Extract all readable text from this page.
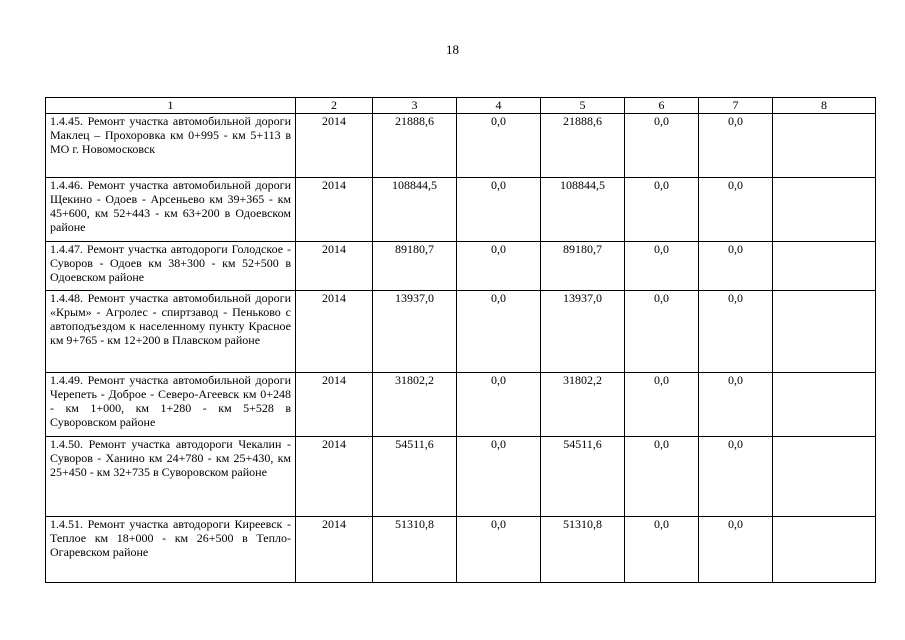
18
1	2	3	4	5	6	7	8
1.4.45. Ремонт участка автомобильной дороги Маклец – Прохоровка км 0+995 - км 5+113 в МО г. Новомосковск	2014	21888,6	0,0	21888,6	0,0	0,0	
1.4.46. Ремонт участка автомобильной дороги Щекино - Одоев - Арсеньево км 39+365 - км 45+600, км 52+443 - км 63+200 в Одоевском районе	2014	108844,5	0,0	108844,5	0,0	0,0	
1.4.47. Ремонт участка автодороги Голодское - Суворов - Одоев км 38+300 - км 52+500 в Одоевском районе	2014	89180,7	0,0	89180,7	0,0	0,0	
1.4.48. Ремонт участка автомобильной дороги «Крым» - Агролес - спиртзавод - Пеньково с автоподъездом к населенному пункту Красное км 9+765 - км 12+200 в Плавском районе	2014	13937,0	0,0	13937,0	0,0	0,0	
1.4.49. Ремонт участка автомобильной дороги Черепеть - Доброе - Северо-Агеевск км 0+248 - км 1+000, км 1+280 - км 5+528 в Суворовском районе	2014	31802,2	0,0	31802,2	0,0	0,0	
1.4.50. Ремонт участка автодороги Чекалин - Суворов - Ханино км 24+780 - км 25+430, км 25+450 - км 32+735 в Суворовском районе	2014	54511,6	0,0	54511,6	0,0	0,0	
1.4.51. Ремонт участка автодороги Киреевск - Теплое км 18+000 - км 26+500 в Тепло-Огаревском районе	2014	51310,8	0,0	51310,8	0,0	0,0	
